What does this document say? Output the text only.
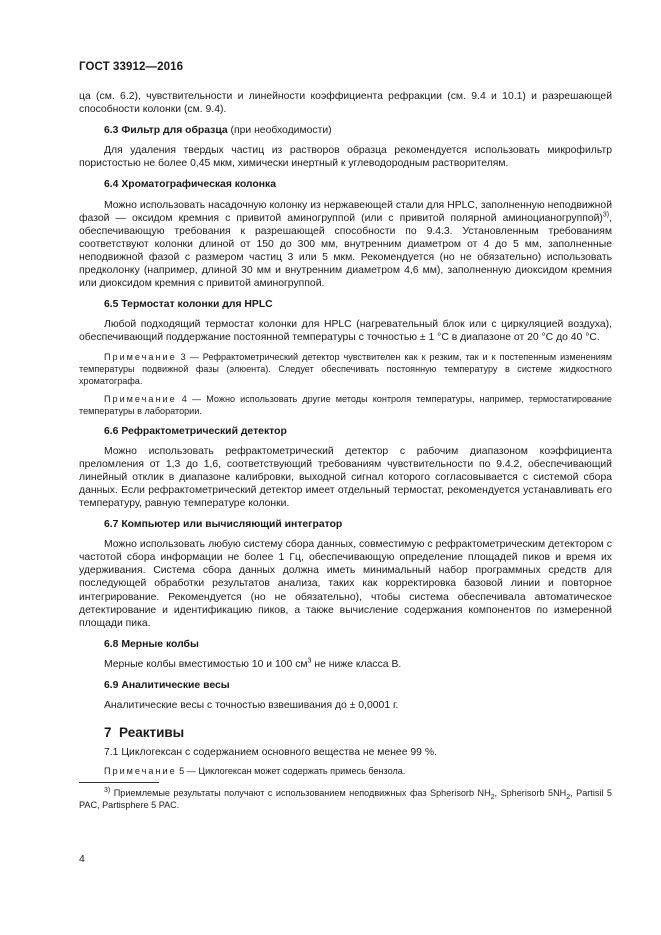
ГОСТ 33912—2016

ца (см. 6.2), чувствительности и линейности коэффициента рефракции (см. 9.4 и 10.1) и разрешающей способности колонки (см. 9.4).

6.3 Фильтр для образца (при необходимости)

Для удаления твердых частиц из растворов образца рекомендуется использовать микрофильтр пористостью не более 0,45 мкм, химически инертный к углеводородным растворителям.

6.4 Хроматографическая колонка

Можно использовать насадочную колонку из нержавеющей стали для HPLC, заполненную неподвижной фазой — оксидом кремния с привитой аминогруппой (или с привитой полярной аминоцианогруппой)$^{3)}$, обеспечивающую требования к разрешающей способности по 9.4.3. Установленным требованиям соответствуют колонки длиной от 150 до 300 мм, внутренним диаметром от 4 до 5 мм, заполненные неподвижной фазой с размером частиц 3 или 5 мкм. Рекомендуется (но не обязательно) использовать предколонку (например, длиной 30 мм и внутренним диаметром 4,6 мм), заполненную диоксидом кремния или диоксидом кремния с привитой аминогруппой.

6.5 Термостат колонки для HPLC

Любой подходящий термостат колонки для HPLC (нагревательный блок или с циркуляцией воздуха), обеспечивающий поддержание постоянной температуры с точностью ± 1 °С в диапазоне от 20 °С до 40 °С.

Примечание 3 — Рефрактометрический детектор чувствителен как к резким, так и к постепенным изменениям температуры подвижной фазы (элюента). Следует обеспечивать постоянную температуру в системе жидкостного хроматографа.

Примечание 4 — Можно использовать другие методы контроля температуры, например, термостатирование температуры в лаборатории.

6.6 Рефрактометрический детектор

Можно использовать рефрактометрический детектор с рабочим диапазоном коэффициента преломления от 1,3 до 1,6, соответствующий требованиям чувствительности по 9.4.2, обеспечивающий линейный отклик в диапазоне калибровки, выходной сигнал которого согласовывается с системой сбора данных. Если рефрактометрический детектор имеет отдельный термостат, рекомендуется устанавливать его температуру, равную температуре колонки.

6.7 Компьютер или вычисляющий интегратор

Можно использовать любую систему сбора данных, совместимую с рефрактометрическим детектором с частотой сбора информации не более 1 Гц, обеспечивающую определение площадей пиков и время их удерживания. Система сбора данных должна иметь минимальный набор программных средств для последующей обработки результатов анализа, таких как корректировка базовой линии и повторное интегрирование. Рекомендуется (но не обязательно), чтобы система обеспечивала автоматическое детектирование и идентификацию пиков, а также вычисление содержания компонентов по измеренной площади пика.

6.8 Мерные колбы

Мерные колбы вместимостью 10 и 100 $см^3$ не ниже класса В.

6.9 Аналитические весы

Аналитические весы с точностью взвешивания до ± 0,0001 г.

7 Реактивы

7.1 Циклогексан с содержанием основного вещества не менее 99 %.

Примечание 5 — Циклогексан может содержать примесь бензола.

$^{3)}$ Приемлемые результаты получают с использованием неподвижных фаз Spherisorb $NH_2$, Spherisorb $5NH_2$, Partisil 5 PAC, Partisphere 5 PAC.

4
